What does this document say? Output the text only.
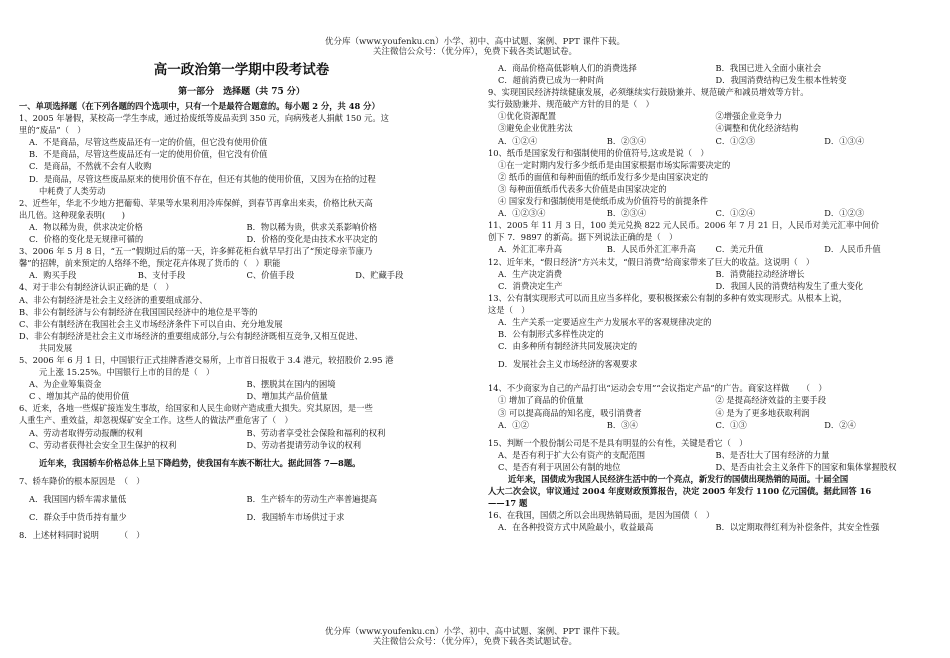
优分库（www.youfenku.cn）小学、初中、高中试题、案例、PPT 课件下载。
关注微信公众号：（优分库），免费下载各类试题试卷。
高一政治第一学期中段考试卷
第一部分　选择题（共 75 分）
一、单项选择题（在下列各题的四个选项中，只有一个是最符合题意的。每小题 2 分，共 48 分）
1、2005 年暑假，某校高一学生李成，通过拾废纸等废品卖到 350 元，向病残老人捐献 150 元。这
里的“废品”（　）
A．不是商品，尽管这些废品还有一定的价值，但它没有使用价值
B．不是商品，尽管这些废品还有一定的使用价值，但它没有价值
C．是商品，不然就不会有人收购
D．是商品，尽管这些废品原来的使用价值不存在，但还有其他的使用价值，又因为在拾的过程
中耗费了人类劳动
2、近些年，华北不少地方把葡萄、苹果等水果利用冷库保鲜，到春节再拿出来卖，价格比秋天高
出几倍。这种现象表明(　　)
A．物以稀为贵，供求决定价格	B．物以稀为贵，供求关系影响价格
C．价格的变化是无规律可循的	D．价格的变化是由技术水平决定的
3、2006 年 5 月 8 日，“五一”假期过后的第一天，许多鲜花柜台就早早打出了“预定母亲节康乃
馨”的招牌，前来预定的人络绎不绝，预定花卉体现了货币的（　）职能
A．购买手段	B、支付手段	C、价值手段	D、贮藏手段
4、对于非公有制经济认识正确的是（　）
A、非公有制经济是社会主义经济的重要组成部分、
B、非公有制经济与公有制经济在我国国民经济中的地位是平等的
C、非公有制经济在我国社会主义市场经济条件下可以自由、充分地发展
D、非公有制经济是社会主义市场经济的重要组成部分,与公有制经济既相互竞争,又相互促进、
共同发展
5、2006 年 6 月 1 日，中国银行正式挂牌香港交易所，上市首日报收于 3.4 港元，较招股价 2.95 港
元上涨 15.25%。中国银行上市的目的是（　）
A、为企业筹集资金	B、摆脱其在国内的困境
C 、增加其产品的使用价值	D、增加其产品价值量
6、近来，各地一些煤矿接连发生事故，给国家和人民生命财产造成重大损失。究其原因，是一些
人重生产、重效益，却忽视煤矿安全工作。这些人的做法严重危害了（　）
A、劳动者取得劳动报酬的权利	B、劳动者享受社会保险和福利的权利
C、劳动者获得社会安全卫生保护的权利	D、劳动者提请劳动争议的权利
近年来，我国轿车价格总体上呈下降趋势，使我国有车族不断壮大。据此回答 7—8题。
7、轿车降价的根本原因是　（　）
A．我国国内轿车需求量低	B．生产轿车的劳动生产率普遍提高
C．群众手中货币持有量少	D．我国轿车市场供过于求
8．上述材料同时说明　　　（　）
A．商品价格高低影响人们的消费选择	B．我国已进入全面小康社会
C．超前消费已成为一种时尚	D．我国消费结构已发生根本性转变
9、实现国民经济持续健康发展，必须继续实行鼓励兼并、规范破产和减员增效等方针。
实行鼓励兼并、规范破产方针的目的是（　）
①优化资源配置	②增强企业竞争力
③避免企业优胜劣汰	④调整和优化经济结构
A．①②④	B．②③④	C．①②③	D．①③④
10、纸币是国家发行和强制使用的价值符号,这或是说（　）
①在一定时期内发行多少纸币是由国家根据市场实际需要决定的
② 纸币的面值和每种面值的纸币发行多少是由国家决定的
③ 每种面值纸币代表多大价值是由国家决定的
④ 国家发行和强制使用是使纸币成为价值符号的前提条件
A．①②③④	B．②③④	C．①②④	D．①②③
11、2005 年 11 月 3 日，100 美元兑换 822 元人民币。2006 年 7 月 21 日，人民币对美元汇率中间价
创下 7．9897 的新高。据下列说法正确的是（　）
A．外汇汇率升高	B．人民币外汇汇率升高	C．美元升值	D．人民币升值
12、近年来，“假日经济”方兴未艾，“假日消费”给商家带来了巨大的收益。这说明（　）
A．生产决定消费	B．消费能拉动经济增长
C．消费决定生产	D．我国人民的消费结构发生了重大变化
13、公有制实现形式可以而且应当多样化，要积极探索公有制的多种有效实现形式。从根本上说，
这是（　）
A．生产关系一定要适应生产力发展水平的客观规律决定的
B．公有制形式多样性决定的
C．由多种所有制经济共同发展决定的
D．发展社会主义市场经济的客观要求
14、不少商家为自己的产品打出“运动会专用”“会议指定产品”的广告。商家这样做　　（　）
① 增加了商品的价值量	② 是提高经济效益的主要手段
③ 可以提高商品的知名度，吸引消费者	④ 是为了更多地获取利润
A．①②	B．③④	C．①③	D．②④
15、判断一个股份制公司是不是具有明显的公有性，关键是看它（　）
A、是否有利于扩大公有资产的支配范围	B、是否壮大了国有经济的力量
C、是否有利于巩固公有制的地位	D、是否由社会主义条件下的国家和集体掌握股权
近年来，国债成为我国人民经济生活中的一个亮点，新发行的国债出现热销的局面。十届全国
人大二次会议，审议通过 2004 年度财政预算报告，决定 2005 年发行 1100 亿元国债。据此回答 16
——17 题
16、在我国，国债之所以会出现热销局面，是因为国债（　）
A．在各种投资方式中风险最小，收益最高	B．以定期取得红利为补偿条件，其安全性强
优分库（www.youfenku.cn）小学、初中、高中试题、案例、PPT 课件下载。
关注微信公众号：（优分库），免费下载各类试题试卷。
